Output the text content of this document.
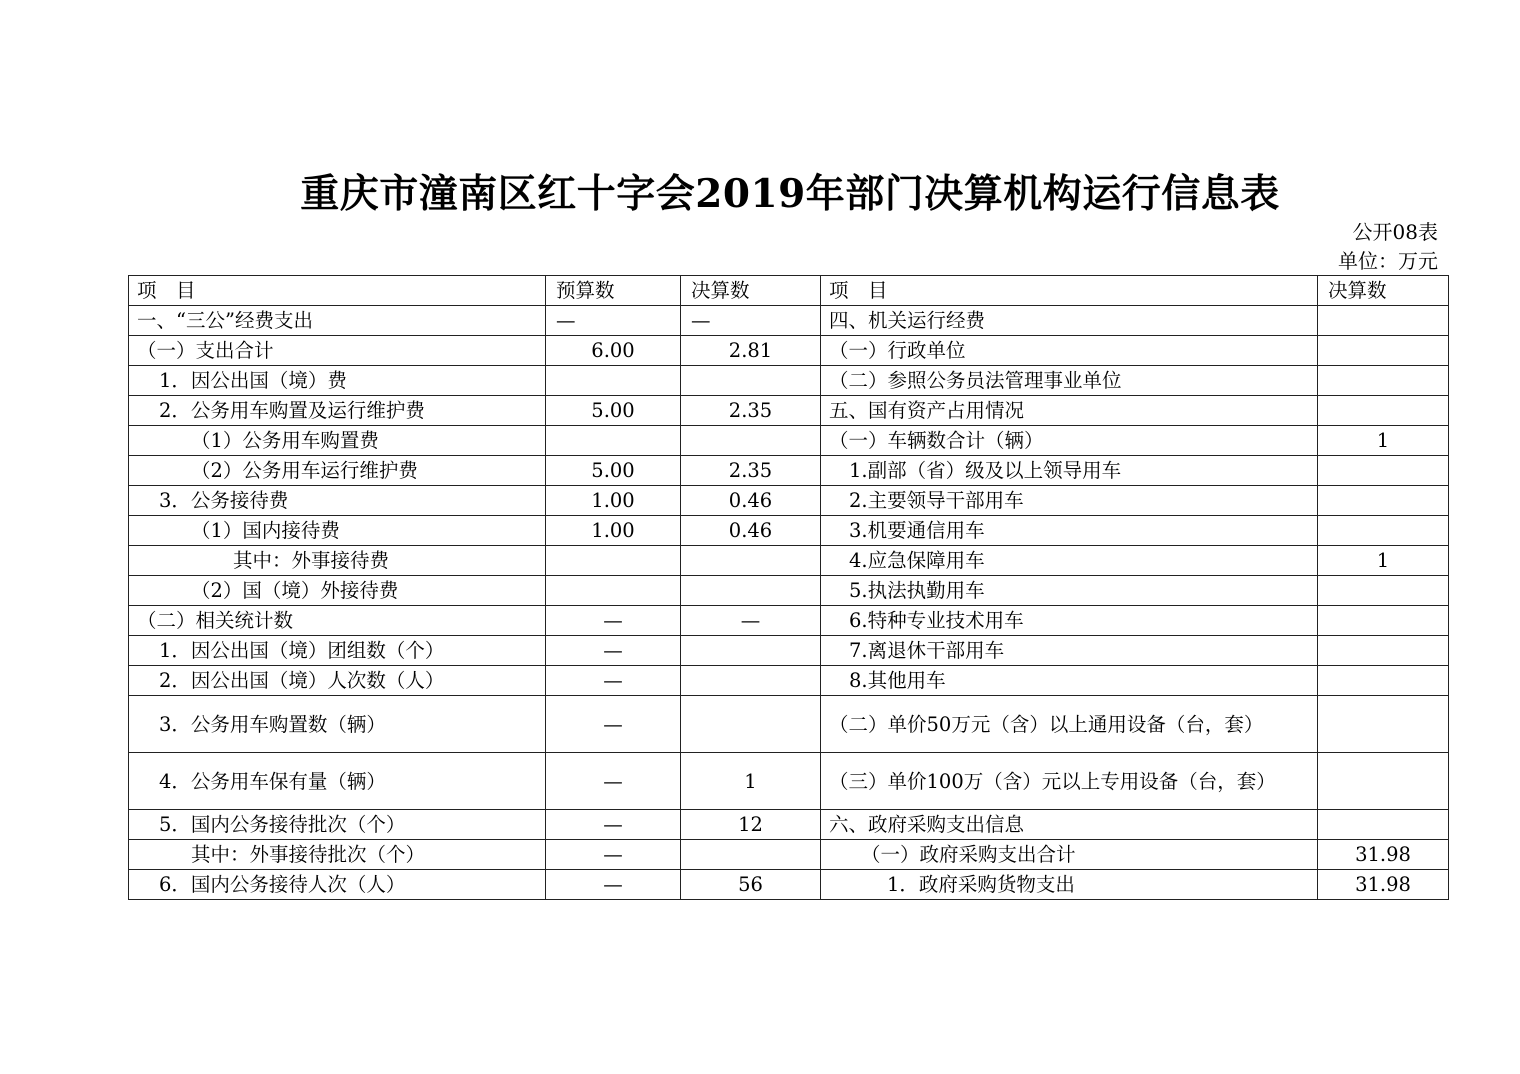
重庆市潼南区红十字会2019年部门决算机构运行信息表
公开08表
单位：万元
项　目	预算数	决算数	项　目	决算数
一、“三公”经费支出	—	—	四、机关运行经费	
（一）支出合计	6.00	2.81	（一）行政单位	
1．因公出国（境）费			（二）参照公务员法管理事业单位	
2．公务用车购置及运行维护费	5.00	2.35	五、国有资产占用情况	
（1）公务用车购置费			（一）车辆数合计（辆）	1
（2）公务用车运行维护费	5.00	2.35	1.副部（省）级及以上领导用车	
3．公务接待费	1.00	0.46	2.主要领导干部用车	
（1）国内接待费	1.00	0.46	3.机要通信用车	
其中：外事接待费			4.应急保障用车	1
（2）国（境）外接待费			5.执法执勤用车	
（二）相关统计数	—	—	6.特种专业技术用车	
1．因公出国（境）团组数（个）	—		7.离退休干部用车	
2．因公出国（境）人次数（人）	—		8.其他用车	
3．公务用车购置数（辆）	—		（二）单价50万元（含）以上通用设备（台，套）	
4．公务用车保有量（辆）	—	1	（三）单价100万（含）元以上专用设备（台，套）	
5．国内公务接待批次（个）	—	12	六、政府采购支出信息	
其中：外事接待批次（个）	—		（一）政府采购支出合计	31.98
6．国内公务接待人次（人）	—	56	1．政府采购货物支出	31.98
